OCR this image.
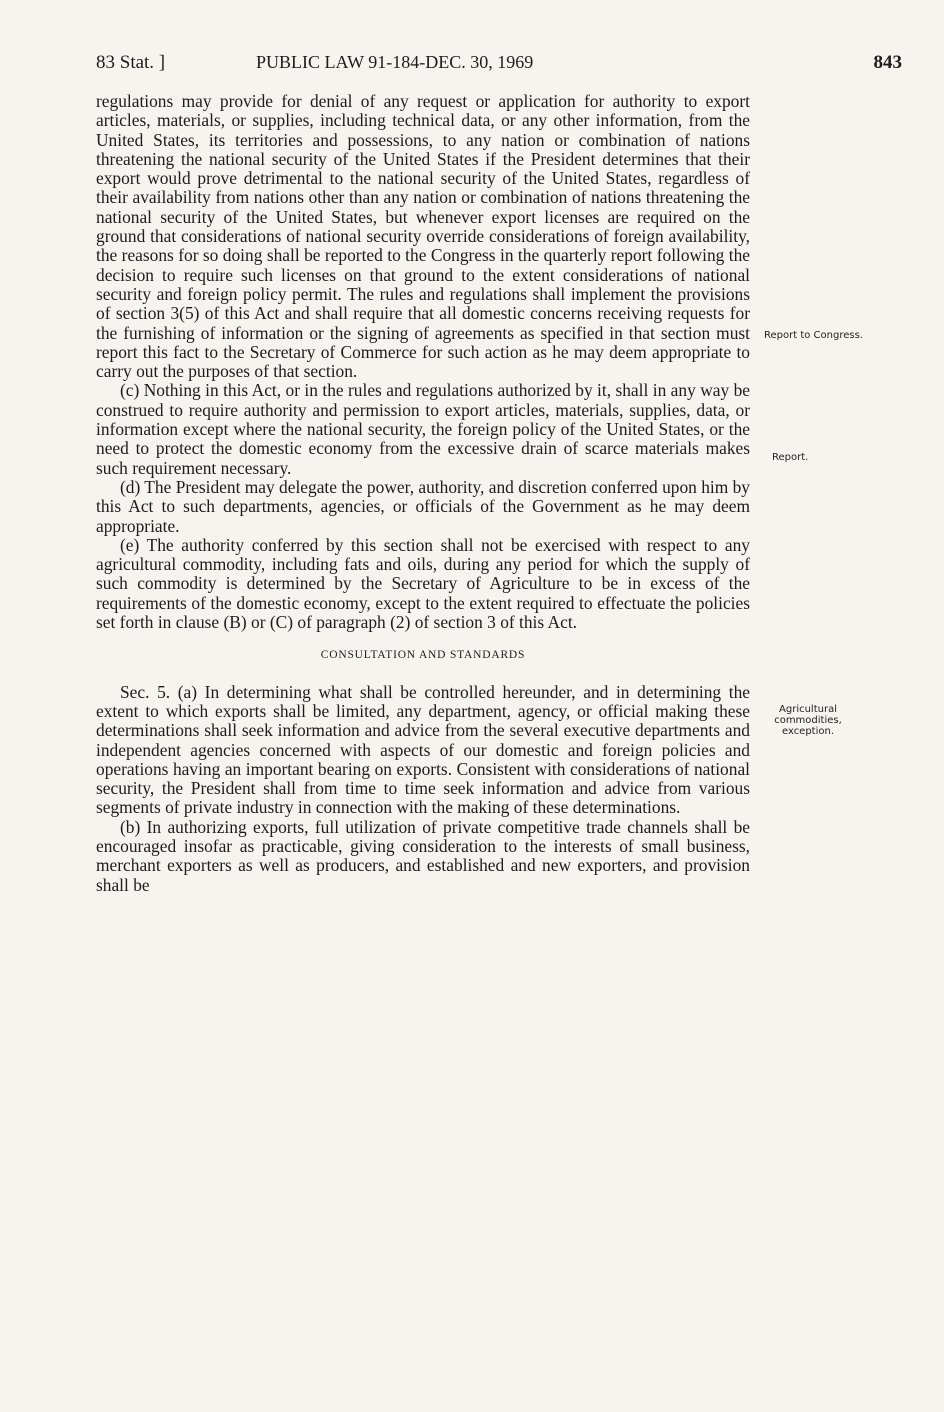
83 Stat. ]	PUBLIC LAW 91-184-DEC. 30, 1969	843

regulations may provide for denial of any request or application for authority to export articles, materials, or supplies, including technical data, or any other information, from the United States, its territories and possessions, to any nation or combination of nations threatening the national security of the United States if the President determines that their export would prove detrimental to the national security of the United States, regardless of their availability from nations other than any nation or combination of nations threatening the national security of the United States, but whenever export licenses are required on the ground that considerations of national security override considerations of foreign availability, the reasons for so doing shall be reported to the Congress in the quarterly report following the decision to require such licenses on that ground to the extent considerations of national security and foreign policy permit. The rules and regulations shall implement the provisions of section 3(5) of this Act and shall require that all domestic concerns receiving requests for the furnishing of information or the signing of agreements as specified in that section must report this fact to the Secretary of Commerce for such action as he may deem appropriate to carry out the purposes of that section.

(c) Nothing in this Act, or in the rules and regulations authorized by it, shall in any way be construed to require authority and permission to export articles, materials, supplies, data, or information except where the national security, the foreign policy of the United States, or the need to protect the domestic economy from the excessive drain of scarce materials makes such requirement necessary.

(d) The President may delegate the power, authority, and discretion conferred upon him by this Act to such departments, agencies, or officials of the Government as he may deem appropriate.

(e) The authority conferred by this section shall not be exercised with respect to any agricultural commodity, including fats and oils, during any period for which the supply of such commodity is determined by the Secretary of Agriculture to be in excess of the requirements of the domestic economy, except to the extent required to effectuate the policies set forth in clause (B) or (C) of paragraph (2) of section 3 of this Act.

CONSULTATION AND STANDARDS

Sec. 5. (a) In determining what shall be controlled hereunder, and in determining the extent to which exports shall be limited, any department, agency, or official making these determinations shall seek information and advice from the several executive departments and independent agencies concerned with aspects of our domestic and foreign policies and operations having an important bearing on exports. Consistent with considerations of national security, the President shall from time to time seek information and advice from various segments of private industry in connection with the making of these determinations.

(b) In authorizing exports, full utilization of private competitive trade channels shall be encouraged insofar as practicable, giving consideration to the interests of small business, merchant exporters as well as producers, and established and new exporters, and provision shall be

Report to Congress.
Report.
Agricultural commodities, exception.
